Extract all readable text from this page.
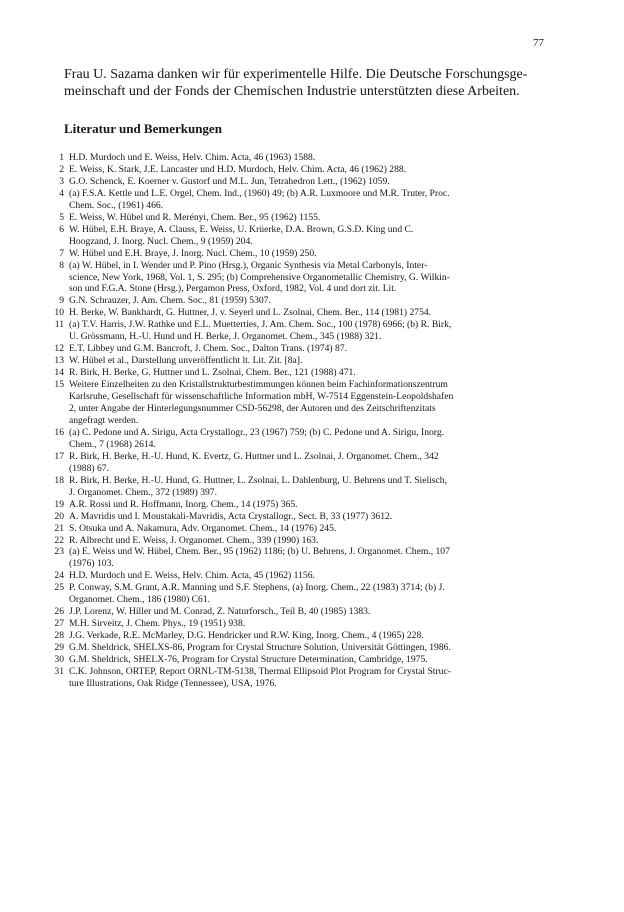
77

Frau U. Sazama danken wir für experimentelle Hilfe. Die Deutsche Forschungsge-
meinschaft und der Fonds der Chemischen Industrie unterstützten diese Arbeiten.

Literatur und Bemerkungen
1 H.D. Murdoch und E. Weiss, Helv. Chim. Acta, 46 (1963) 1588.
2 E. Weiss, K. Stark, J.E. Lancaster und H.D. Murdoch, Helv. Chim. Acta, 46 (1962) 288.
3 G.O. Schenck, E. Koerner v. Gustorf und M.L. Jun, Tetrahedron Lett., (1962) 1059.
4 (a) F.S.A. Kettle und L.E. Orgel, Chem. Ind., (1960) 49; (b) A.R. Luxmoore und M.R. Truter, Proc.
Chem. Soc., (1961) 466.
5 E. Weiss, W. Hübel und R. Merényi, Chem. Ber., 95 (1962) 1155.
6 W. Hübel, E.H. Braye, A. Clauss, E. Weiss, U. Krüerke, D.A. Brown, G.S.D. King und C.
Hoogzand, J. Inorg. Nucl. Chem., 9 (1959) 204.
7 W. Hübel und E.H. Braye, J. Inorg. Nucl. Chem., 10 (1959) 250.
8 (a) W. Hübel, in I. Wender und P. Pino (Hrsg.), Organic Synthesis via Metal Carbonyls, Inter-
science, New York, 1968, Vol. 1, S. 295; (b) Comprehensive Organometallic Chemistry, G. Wilkin-
son und F.G.A. Stone (Hrsg.), Pergamon Press, Oxford, 1982, Vol. 4 und dort zit. Lit.
9 G.N. Schrauzer, J. Am. Chem. Soc., 81 (1959) 5307.
10 H. Berke, W. Bankhardt, G. Huttner, J. v. Seyerl und L. Zsolnai, Chem. Ber., 114 (1981) 2754.
11 (a) T.V. Harris, J.W. Rathke und E.L. Muetterties, J. Am. Chem. Soc., 100 (1978) 6966; (b) R. Birk,
U. Grössmann, H.-U. Hund und H. Berke, J. Organomet. Chem., 345 (1988) 321.
12 E.T. Libbey und G.M. Bancroft, J. Chem. Soc., Dalton Trans. (1974) 87.
13 W. Hübel et al., Darstellung unveröffentlicht lt. Lit. Zit. [8a].
14 R. Birk, H. Berke, G. Huttner und L. Zsolnai, Chem. Ber., 121 (1988) 471.
15 Weitere Einzelheiten zu den Kristallstrukturbestimmungen können beim Fachinformationszentrum
Karlsruhe, Gesellschaft für wissenschaftliche Information mbH, W-7514 Eggenstein-Leopoldshafen
2, unter Angabe der Hinterlegungsnummer CSD-56298, der Autoren und des Zeitschriftenzitats
angefragt werden.
16 (a) C. Pedone und A. Sirigu, Acta Crystallogr., 23 (1967) 759; (b) C. Pedone und A. Sirigu, Inorg.
Chem., 7 (1968) 2614.
17 R. Birk, H. Berke, H.-U. Hund, K. Evertz, G. Huttner und L. Zsolnai, J. Organomet. Chem., 342
(1988) 67.
18 R. Birk, H. Berke, H.-U. Hund, G. Huttner, L. Zsolnai, L. Dahlenburg, U. Behrens und T. Sielisch,
J. Organomet. Chem., 372 (1989) 397.
19 A.R. Rossi und R. Hoffmann, Inorg. Chem., 14 (1975) 365.
20 A. Mavridis und I. Moustakali-Mavridis, Acta Crystallogr., Sect. B, 33 (1977) 3612.
21 S. Otsuka und A. Nakamura, Adv. Organomet. Chem., 14 (1976) 245.
22 R. Albrecht und E. Weiss, J. Organomet. Chem., 339 (1990) 163.
23 (a) E. Weiss und W. Hübel, Chem. Ber., 95 (1962) 1186; (b) U. Behrens, J. Organomet. Chem., 107
(1976) 103.
24 H.D. Murdoch und E. Weiss, Helv. Chim. Acta, 45 (1962) 1156.
25 P. Conway, S.M. Grant, A.R. Manning und S.F. Stephens, (a) Inorg. Chem., 22 (1983) 3714; (b) J.
Organomet. Chem., 186 (1980) C61.
26 J.P. Lorenz, W. Hiller und M. Conrad, Z. Naturforsch., Teil B, 40 (1985) 1383.
27 M.H. Sirveitz, J. Chem. Phys., 19 (1951) 938.
28 J.G. Verkade, R.E. McMarley, D.G. Hendricker und R.W. King, Inorg. Chem., 4 (1965) 228.
29 G.M. Sheldrick, SHELXS-86, Program for Crystal Structure Solution, Universität Göttingen, 1986.
30 G.M. Sheldrick, SHELX-76, Program for Crystal Structure Determination, Cambridge, 1975.
31 C.K. Johnson, ORTEP, Report ORNL-TM-5138, Thermal Ellipsoid Plot Program for Crystal Struc-
ture Illustrations, Oak Ridge (Tennessee), USA, 1976.
